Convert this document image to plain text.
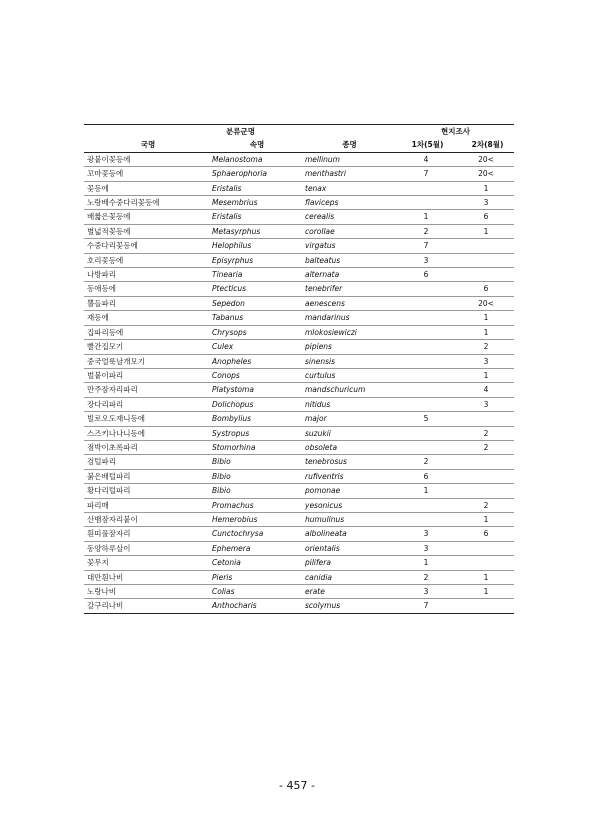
분류군명			현지조사	
국명	속명	종명	1차(5월)	2차(8월)
광붙이꽃등에	Melanostoma	mellinum	4	20<
꼬마꽃등에	Sphaerophoria	menthastri	7	20<
꽃등에	Eristalis	tenax		1
노랑배수중다리꽃등에	Mesembrius	flaviceps		3
배짧은꽃등에	Eristalis	cerealis	1	6
별넓적꽃등에	Metasyrphus	corollae	2	1
수중다리꽃등에	Helophilus	virgatus	7	
호리꽃등에	Episyrphus	balteatus	3	
나방파리	Tinearia	alternata	6	
동애등에	Ptecticus	tenebrifer		6
뿔들파리	Sepedon	aenescens		20<
재등에	Tabanus	mandarinus		1
집파리등에	Chrysops	mlokosiewiczi		1
빨간집모기	Culex	pipiens		2
중국얼룩날개모기	Anopheles	sinensis		3
벌붙이파리	Conops	curtulus		1
만주잠자리파리	Platystoma	mandschuricum		4
장다리파리	Dolichopus	nitidus		3
빌로오도재니등에	Bombylius	major	5	
스즈키나나니등에	Systropus	suzukii		2
점박이초록파리	Stomorhina	obsoleta		2
검털파리	Bibio	tenebrosus	2	
붉은배털파리	Bibio	rufiventris	6	
황다리털파리	Bibio	pomonae	1	
파리매	Promachus	yesonicus		2
산뱀잠자리붙이	Hemerobius	humulinus		1
흰띠풀잠자리	Cunctochrysa	albolineata	3	6
동양하루살이	Ephemera	orientalis	3	
꽃무지	Cetonia	pilifera	1	
대만흰나비	Pieris	canidia	2	1
노랑나비	Colias	erate	3	1
갈구리나비	Anthocharis	scolymus	7	
- 457 -
